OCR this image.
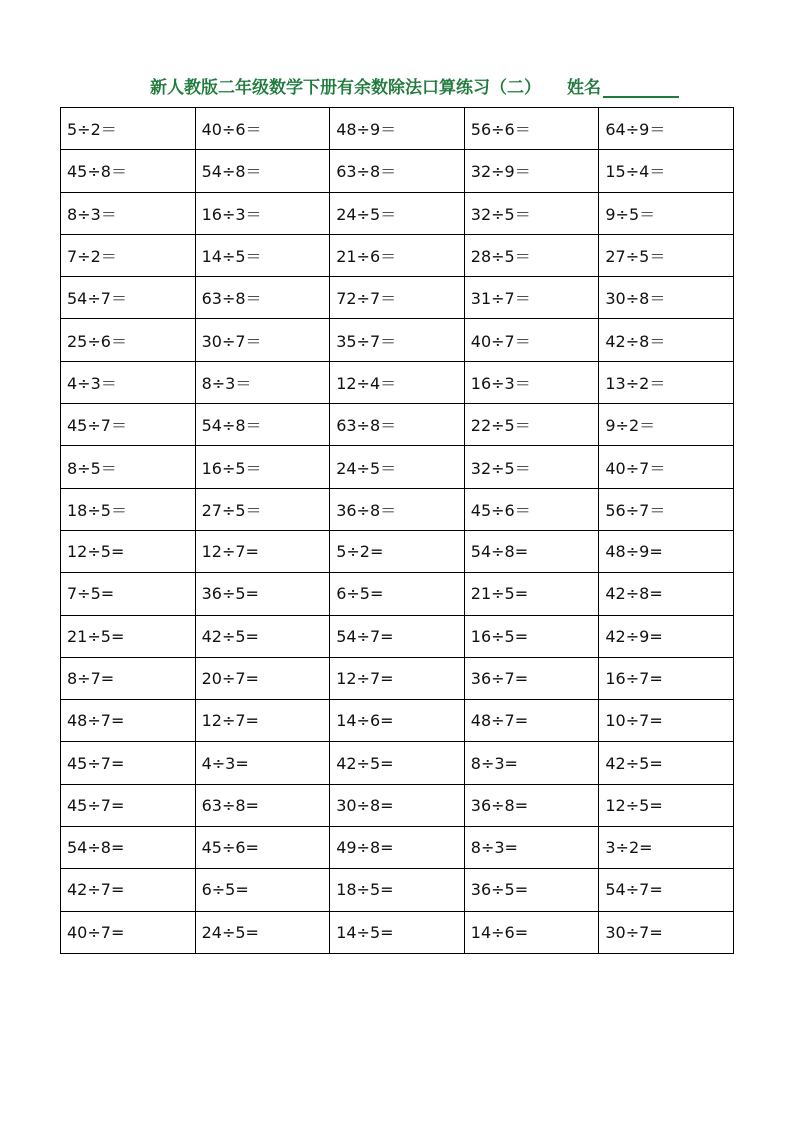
新人教版二年级数学下册有余数除法口算练习（二） 姓名
5÷2＝	40÷6＝	48÷9＝	56÷6＝	64÷9＝
45÷8＝	54÷8＝	63÷8＝	32÷9＝	15÷4＝
8÷3＝	16÷3＝	24÷5＝	32÷5＝	9÷5＝
7÷2＝	14÷5＝	21÷6＝	28÷5＝	27÷5＝
54÷7＝	63÷8＝	72÷7＝	31÷7＝	30÷8＝
25÷6＝	30÷7＝	35÷7＝	40÷7＝	42÷8＝
4÷3＝	8÷3＝	12÷4＝	16÷3＝	13÷2＝
45÷7＝	54÷8＝	63÷8＝	22÷5＝	9÷2＝
8÷5＝	16÷5＝	24÷5＝	32÷5＝	40÷7＝
18÷5＝	27÷5＝	36÷8＝	45÷6＝	56÷7＝
12÷5=	12÷7=	5÷2=	54÷8=	48÷9=
7÷5=	36÷5=	6÷5=	21÷5=	42÷8=
21÷5=	42÷5=	54÷7=	16÷5=	42÷9=
8÷7=	20÷7=	12÷7=	36÷7=	16÷7=
48÷7=	12÷7=	14÷6=	48÷7=	10÷7=
45÷7=	4÷3=	42÷5=	8÷3=	42÷5=
45÷7=	63÷8=	30÷8=	36÷8=	12÷5=
54÷8=	45÷6=	49÷8=	8÷3=	3÷2=
42÷7=	6÷5=	18÷5=	36÷5=	54÷7=
40÷7=	24÷5=	14÷5=	14÷6=	30÷7=
